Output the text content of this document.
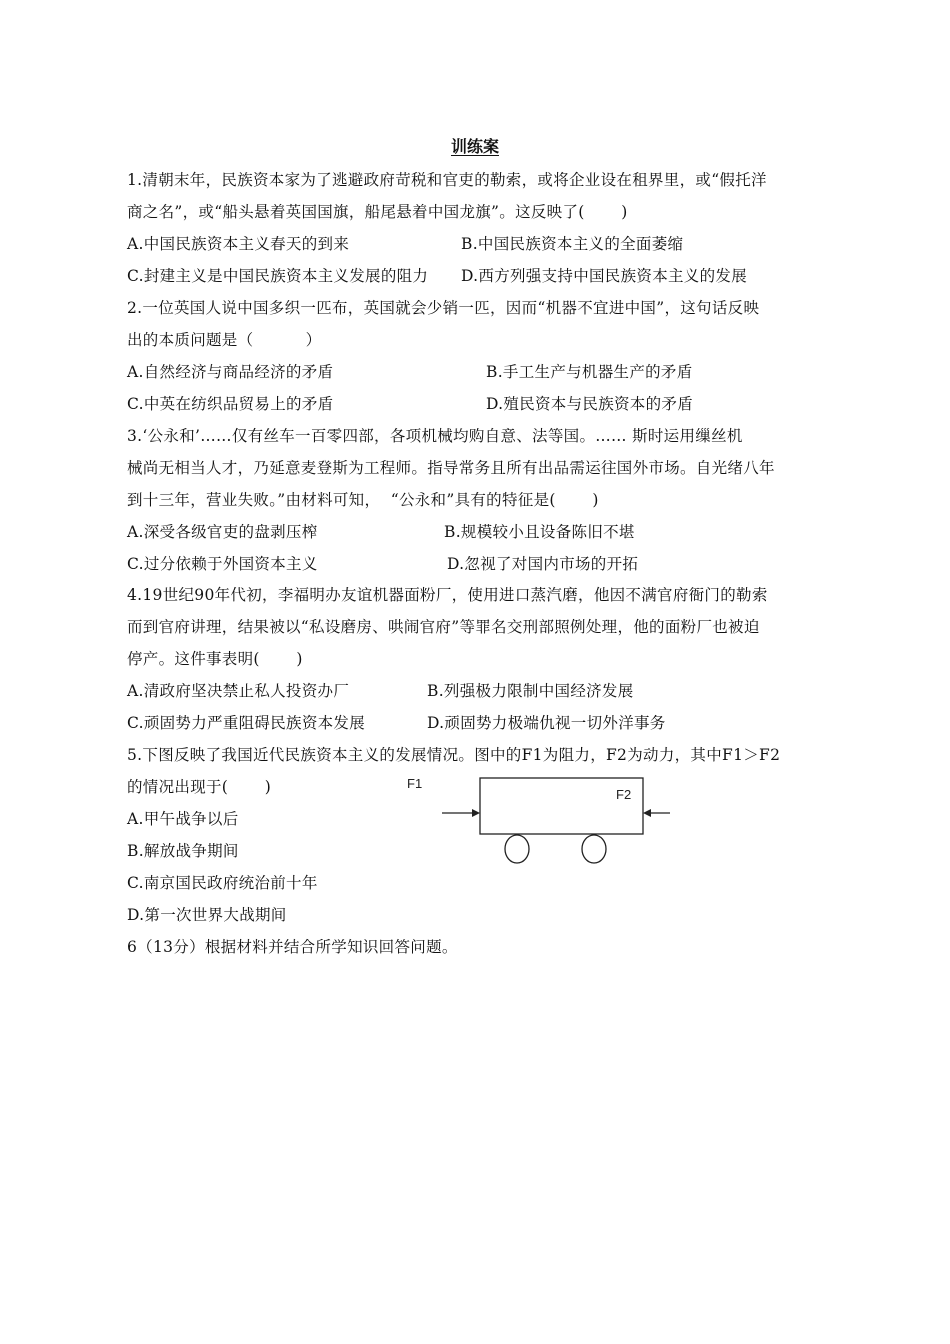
训练案
1.清朝末年，民族资本家为了逃避政府苛税和官吏的勒索，或将企业设在租界里，或“假托洋
商之名”，或“船头悬着英国国旗，船尾悬着中国龙旗”。这反映了(       )
A.中国民族资本主义春天的到来	B.中国民族资本主义的全面萎缩
C.封建主义是中国民族资本主义发展的阻力 D.西方列强支持中国民族资本主义的发展
2.一位英国人说中国多织一匹布，英国就会少销一匹，因而“机器不宜进中国”，这句话反映
出的本质问题是（          ）
A.自然经济与商品经济的矛盾	B.手工生产与机器生产的矛盾
C.中英在纺织品贸易上的矛盾	D.殖民资本与民族资本的矛盾
3.‘公永和’……仅有丝车一百零四部，各项机械均购自意、法等国。…… 斯时运用缫丝机
械尚无相当人才，乃延意麦登斯为工程师。指导常务且所有出品需运往国外市场。自光绪八年
到十三年，营业失败。”由材料可知，  “公永和”具有的特征是(       )
A.深受各级官吏的盘剥压榨	B.规模较小且设备陈旧不堪
C.过分依赖于外国资本主义	D.忽视了对国内市场的开拓
4.19世纪90年代初，李福明办友谊机器面粉厂，使用进口蒸汽磨，他因不满官府衙门的勒索
而到官府讲理，结果被以“私设磨房、哄闹官府”等罪名交刑部照例处理，他的面粉厂也被迫
停产。这件事表明(       )
A.清政府坚决禁止私人投资办厂	B.列强极力限制中国经济发展
C.顽固势力严重阻碍民族资本发展	D.顽固势力极端仇视一切外洋事务
5.下图反映了我国近代民族资本主义的发展情况。图中的F1为阻力，F2为动力，其中F1＞F2
的情况出现于(       )
A.甲午战争以后
B.解放战争期间
C.南京国民政府统治前十年
D.第一次世界大战期间
F1
F2
6（13分）根据材料并结合所学知识回答问题。
